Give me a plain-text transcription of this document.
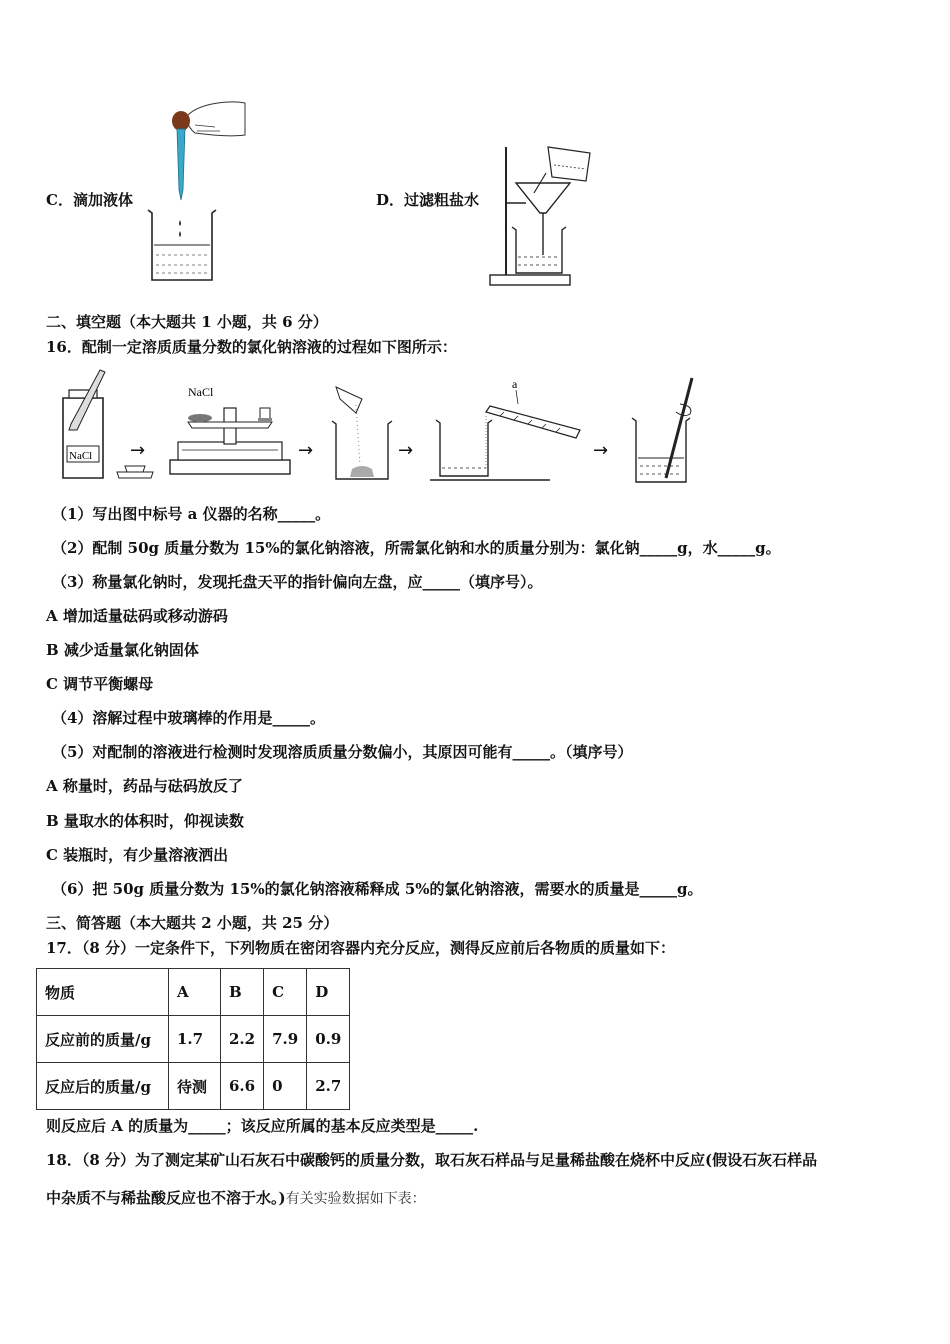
C．滴加液体	D．过滤粗盐水
二、填空题（本大题共 1 小题，共 6 分）
16．配制一定溶质质量分数的氯化钠溶液的过程如下图所示：
NaCl →
NaCl
→	→
a
→
（1）写出图中标号 a 仪器的名称_____。
（2）配制 50g 质量分数为 15%的氯化钠溶液，所需氯化钠和水的质量分别为：氯化钠_____g，水_____g。
（3）称量氯化钠时，发现托盘天平的指针偏向左盘，应_____（填序号）。
A 增加适量砝码或移动游码
B 减少适量氯化钠固体
C 调节平衡螺母
（4）溶解过程中玻璃棒的作用是_____。
（5）对配制的溶液进行检测时发现溶质质量分数偏小，其原因可能有_____。（填序号）
A 称量时，药品与砝码放反了
B 量取水的体积时，仰视读数
C 装瓶时，有少量溶液洒出
（6）把 50g 质量分数为 15%的氯化钠溶液稀释成 5%的氯化钠溶液，需要水的质量是_____g。
三、简答题（本大题共 2 小题，共 25 分）
17．（8 分）一定条件下，下列物质在密闭容器内充分反应，测得反应前后各物质的质量如下：
物质	A	B	C	D
反应前的质量/g	1.7	2.2	7.9	0.9
反应后的质量/g	待测	6.6	0	2.7
则反应后 A 的质量为_____；该反应所属的基本反应类型是_____.
18．（8 分）为了测定某矿山石灰石中碳酸钙的质量分数，取石灰石样品与足量稀盐酸在烧杯中反应(假设石灰石样品
中杂质不与稀盐酸反应也不溶于水。)有关实验数据如下表：
